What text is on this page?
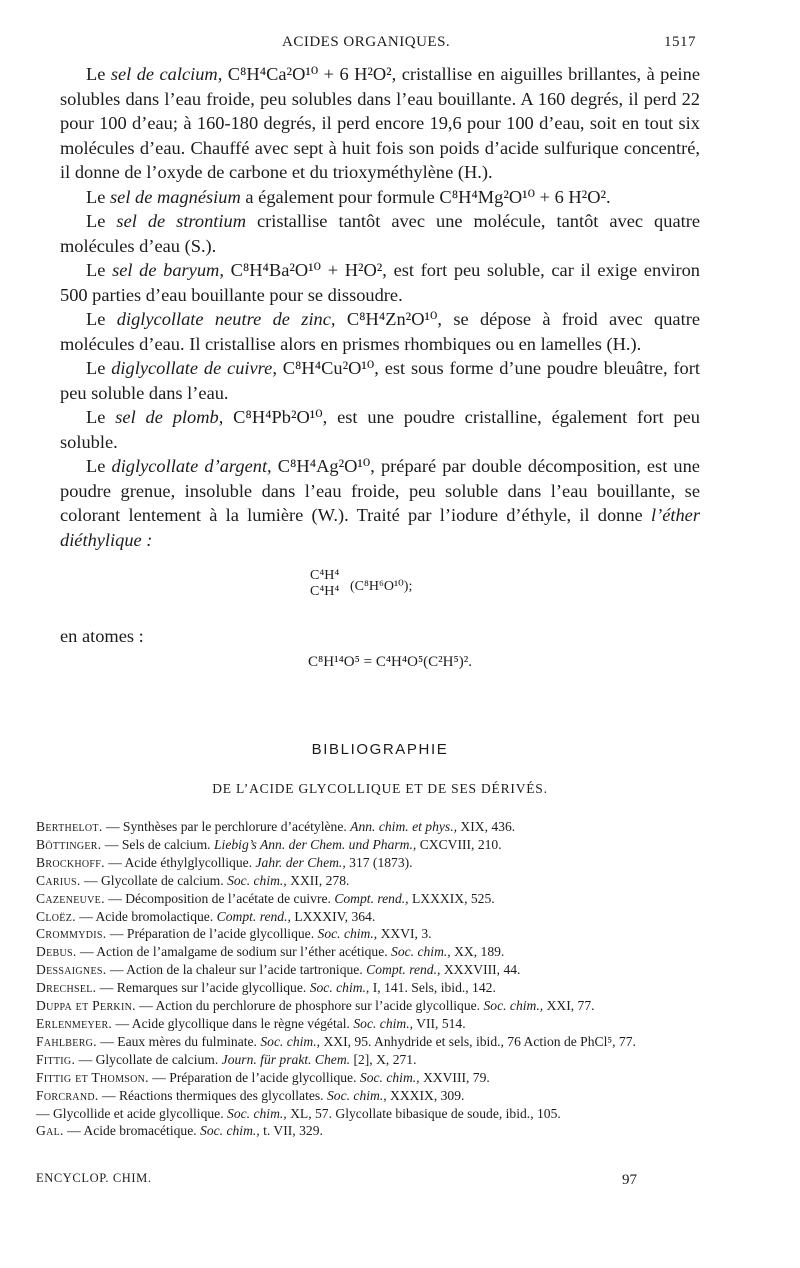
ACIDES ORGANIQUES.	1517

Le sel de calcium, C⁸H⁴Ca²O¹⁰ + 6 H²O², cristallise en aiguilles brillantes, à peine solubles dans l’eau froide, peu solubles dans l’eau bouillante. A 160 degrés, il perd 22 pour 100 d’eau; à 160-180 degrés, il perd encore 19,6 pour 100 d’eau, soit en tout six molécules d’eau. Chauffé avec sept à huit fois son poids d’acide sulfurique concentré, il donne de l’oxyde de carbone et du trioxyméthylène (H.).

Le sel de magnésium a également pour formule C⁸H⁴Mg²O¹⁰ + 6 H²O².

Le sel de strontium cristallise tantôt avec une molécule, tantôt avec quatre molécules d’eau (S.).

Le sel de baryum, C⁸H⁴Ba²O¹⁰ + H²O², est fort peu soluble, car il exige environ 500 parties d’eau bouillante pour se dissoudre.

Le diglycollate neutre de zinc, C⁸H⁴Zn²O¹⁰, se dépose à froid avec quatre molécules d’eau. Il cristallise alors en prismes rhombiques ou en lamelles (H.).

Le diglycollate de cuivre, C⁸H⁴Cu²O¹⁰, est sous forme d’une poudre bleuâtre, fort peu soluble dans l’eau.

Le sel de plomb, C⁸H⁴Pb²O¹⁰, est une poudre cristalline, également fort peu soluble.

Le diglycollate d’argent, C⁸H⁴Ag²O¹⁰, préparé par double décomposition, est une poudre grenue, insoluble dans l’eau froide, peu soluble dans l’eau bouillante, se colorant lentement à la lumière (W.). Traité par l’iodure d’éthyle, il donne l’éther diéthylique :

C⁴H⁴
C⁴H⁴ (C⁸H⁶O¹⁰);

en atomes :

C⁸H¹⁴O⁵ = C⁴H⁴O⁵(C²H⁵)².
BIBLIOGRAPHIE
DE L’ACIDE GLYCOLLIQUE ET DE SES DÉRIVÉS.

Berthelot. — Synthèses par le perchlorure d’acétylène. Ann. chim. et phys., XIX, 436.

Böttinger. — Sels de calcium. Liebig’s Ann. der Chem. und Pharm., CXCVIII, 210.

Brockhoff. — Acide éthylglycollique. Jahr. der Chem., 317 (1873).

Carius. — Glycollate de calcium. Soc. chim., XXII, 278.

Cazeneuve. — Décomposition de l’acétate de cuivre. Compt. rend., LXXXIX, 525.

Cloëz. — Acide bromolactique. Compt. rend., LXXXIV, 364.

Crommydis. — Préparation de l’acide glycollique. Soc. chim., XXVI, 3.

Debus. — Action de l’amalgame de sodium sur l’éther acétique. Soc. chim., XX, 189.

Dessaignes. — Action de la chaleur sur l’acide tartronique. Compt. rend., XXXVIII, 44.

Drechsel. — Remarques sur l’acide glycollique. Soc. chim., I, 141. Sels, ibid., 142.

Duppa et Perkin. — Action du perchlorure de phosphore sur l’acide glycollique. Soc. chim., XXI, 77.

Erlenmeyer. — Acide glycollique dans le règne végétal. Soc. chim., VII, 514.

Fahlberg. — Eaux mères du fulminate. Soc. chim., XXI, 95. Anhydride et sels, ibid., 76 Action de PhCl⁵, 77.

Fittig. — Glycollate de calcium. Journ. für prakt. Chem. [2], X, 271.

Fittig et Thomson. — Préparation de l’acide glycollique. Soc. chim., XXVIII, 79.

Forcrand. — Réactions thermiques des glycollates. Soc. chim., XXXIX, 309.

— Glycollide et acide glycollique. Soc. chim., XL, 57. Glycollate bibasique de soude, ibid., 105.

Gal. — Acide bromacétique. Soc. chim., t. VII, 329.

ENCYCLOP. CHIM.	97
